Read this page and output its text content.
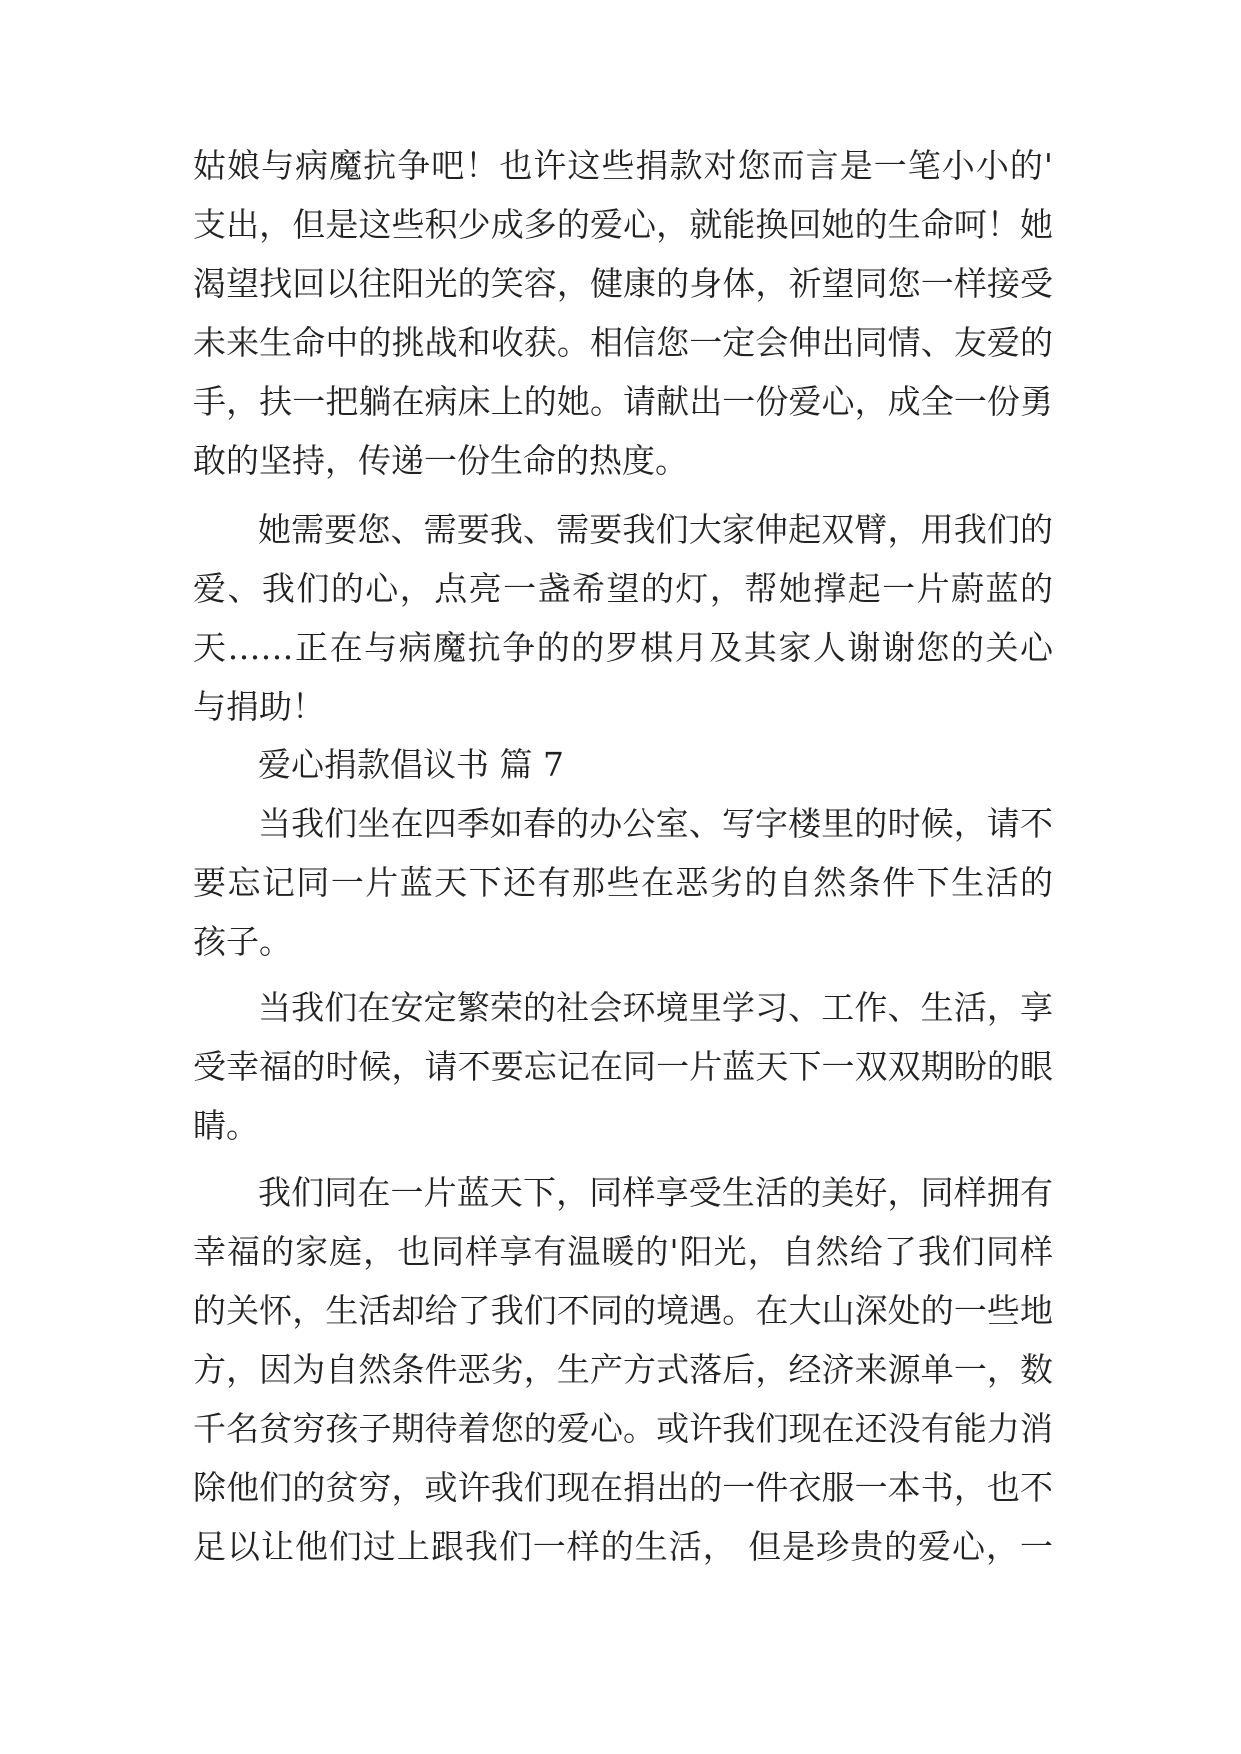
姑娘与病魔抗争吧！也许这些捐款对您而言是一笔小小的'

支出，但是这些积少成多的爱心，就能换回她的生命呵！她

渴望找回以往阳光的笑容，健康的身体，祈望同您一样接受

未来生命中的挑战和收获。相信您一定会伸出同情、友爱的

手，扶一把躺在病床上的她。请献出一份爱心，成全一份勇

敢的坚持，传递一份生命的热度。

她需要您、需要我、需要我们大家伸起双臂，用我们的

爱、我们的心，点亮一盏希望的灯，帮她撑起一片蔚蓝的

天……正在与病魔抗争的的罗棋月及其家人谢谢您的关心

与捐助！

爱心捐款倡议书 篇 7

当我们坐在四季如春的办公室、写字楼里的时候，请不

要忘记同一片蓝天下还有那些在恶劣的自然条件下生活的

孩子。

当我们在安定繁荣的社会环境里学习、工作、生活，享

受幸福的时候，请不要忘记在同一片蓝天下一双双期盼的眼

睛。

我们同在一片蓝天下，同样享受生活的美好，同样拥有

幸福的家庭，也同样享有温暖的'阳光，自然给了我们同样

的关怀，生活却给了我们不同的境遇。在大山深处的一些地

方，因为自然条件恶劣，生产方式落后，经济来源单一，数

千名贫穷孩子期待着您的爱心。或许我们现在还没有能力消

除他们的贫穷，或许我们现在捐出的一件衣服一本书，也不

足以让他们过上跟我们一样的生活， 但是珍贵的爱心，一
